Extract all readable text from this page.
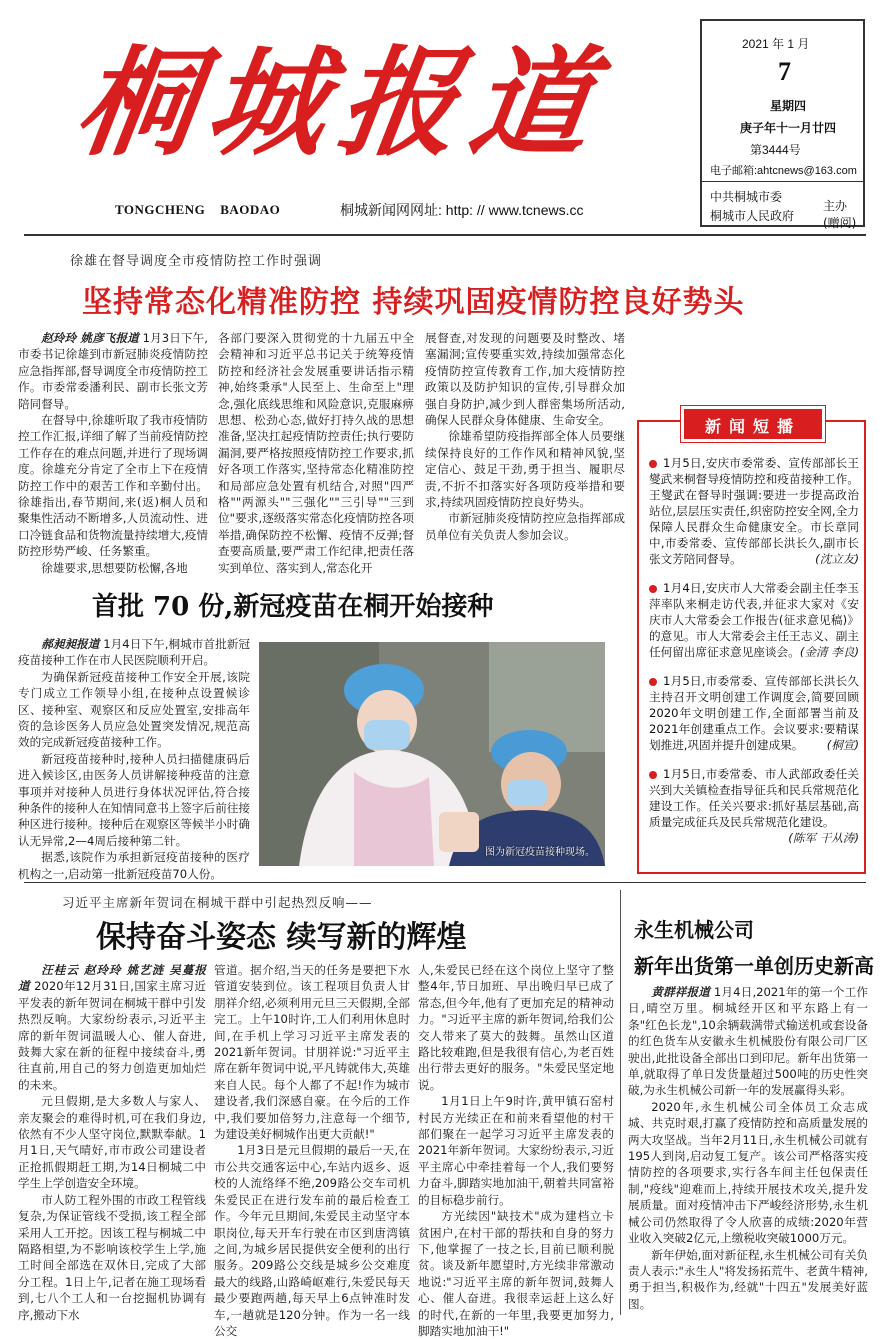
桐
城
报
道
TONGCHENG    BAODAO	桐城新闻网网址: http: // www.tcnews.cc
2021 年 1 月
7
星期四
庚子年十一月廿四
第3444号
电子邮箱:ahtcnews@163.com
中共桐城市委
桐城市人民政府
主办(赠阅)
徐雄在督导调度全市疫情防控工作时强调
坚持常态化精准防控 持续巩固疫情防控良好势头

赵玲玲 姚彦飞报道 1月3日下午,市委书记徐雄到市新冠肺炎疫情防控应急指挥部,督导调度全市疫情防控工作。市委常委潘利民、副市长张文芳陪同督导。

在督导中,徐雄听取了我市疫情防控工作汇报,详细了解了当前疫情防控工作存在的难点问题,并进行了现场调度。徐雄充分肯定了全市上下在疫情防控工作中的艰苦工作和辛勤付出。徐雄指出,春节期间,来(返)桐人员和聚集性活动不断增多,人员流动性、进口冷链食品和货物流量持续增大,疫情防控形势严峻、任务繁重。

徐雄要求,思想要防松懈,各地

各部门要深入贯彻党的十九届五中全会精神和习近平总书记关于统筹疫情防控和经济社会发展重要讲话指示精神,始终秉承"人民至上、生命至上"理念,强化底线思维和风险意识,克服麻痹思想、松劲心态,做好打持久战的思想准备,坚决扛起疫情防控责任;执行要防漏洞,要严格按照疫情防控工作要求,抓好各项工作落实,坚持常态化精准防控和局部应急处置有机结合,对照"四严格""两源头""三强化""三引导""三到位"要求,逐级落实常态化疫情防控各项举措,确保防控不松懈、疫情不反弹;督查要高质量,要严肃工作纪律,把责任落实到单位、落实到人,常态化开

展督查,对发现的问题要及时整改、堵塞漏洞;宣传要重实效,持续加强常态化疫情防控宣传教育工作,加大疫情防控政策以及防护知识的宣传,引导群众加强自身防护,减少到人群密集场所活动,确保人民群众身体健康、生命安全。

徐雄希望防疫指挥部全体人员要继续保持良好的工作作风和精神风貌,坚定信心、鼓足干劲,勇于担当、履职尽责,不折不扣落实好各项防疫举措和要求,持续巩固疫情防控良好势头。

市新冠肺炎疫情防控应急指挥部成员单位有关负责人参加会议。

新闻短播
1月5日,安庆市委常委、宣传部部长王燮武来桐督导疫情防控和疫苗接种工作。王燮武在督导时强调:要进一步提高政治站位,层层压实责任,织密防控安全网,全力保障人民群众生命健康安全。市长章同中,市委常委、宣传部部长洪长久,副市长张文芳陪同督导。	(沈立友)
1月4日,安庆市人大常委会副主任李玉萍率队来桐走访代表,并征求大家对《安庆市人大常委会工作报告(征求意见稿)》的意见。市人大常委会主任王志义、副主任何留出席征求意见座谈会。 (金清 李良)
1月5日,市委常委、宣传部部长洪长久主持召开文明创建工作调度会,简要回顾2020年文明创建工作,全面部署当前及2021年创建重点工作。会议要求:要精谋划推进,巩固并提升创建成果。 (桐宣)
1月5日,市委常委、市人武部政委任关兴到大关镇检查指导征兵和民兵常规范化建设工作。任关兴要求:抓好基层基础,高质量完成征兵及民兵常规范化建设。
(陈军 干从涛)
首批 70 份,新冠疫苗在桐开始接种

郝昶昶报道 1月4日下午,桐城市首批新冠疫苗接种工作在市人民医院顺利开启。

为确保新冠疫苗接种工作安全开展,该院专门成立工作领导小组,在接种点设置候诊区、接种室、观察区和反应处置室,安排高年资的急诊医务人员应急处置突发情况,规范高效的完成新冠疫苗接种工作。

新冠疫苗接种时,接种人员扫描健康码后进入候诊区,由医务人员讲解接种疫苗的注意事项并对接种人员进行身体状况评估,符合接种条件的接种人在知情同意书上签字后前往接种区进行接种。接种后在观察区等候半小时确认无异常,2—4周后接种第二针。

据悉,该院作为承担新冠疫苗接种的医疗机构之一,启动第一批新冠疫苗70人份。

图为新冠疫苗接种现场。
习近平主席新年贺词在桐城干群中引起热烈反响——
保持奋斗姿态 续写新的辉煌

汪桂云 赵玲玲 姚艺涟 吴蔓报道 2020年12月31日,国家主席习近平发表的新年贺词在桐城干群中引发热烈反响。大家纷纷表示,习近平主席的新年贺词温暖人心、催人奋进,鼓舞大家在新的征程中接续奋斗,勇往直前,用自己的努力创造更加灿烂的未来。

元旦假期,是大多数人与家人、亲友聚会的难得时机,可在我们身边,依然有不少人坚守岗位,默默奉献。1月1日,天气晴好,市市政公司建设者正抢抓假期赶工期,为14日桐城二中学生上学创造安全环境。

市人防工程外围的市政工程管线复杂,为保证管线不受损,该工程全部采用人工开挖。因该工程与桐城二中隔路相望,为不影响该校学生上学,施工时间全部选在双休日,完成了大部分工程。1日上午,记者在施工现场看到,七八个工人和一台挖掘机协调有序,搬动下水

管道。据介绍,当天的任务是要把下水管道安装到位。该工程项目负责人甘朋祥介绍,必须利用元旦三天假期,全部完工。上午10时许,工人们利用休息时间,在手机上学习习近平主席发表的2021新年贺词。甘朋祥说:"习近平主席在新年贺词中说,平凡铸就伟大,英雄来自人民。每个人都了不起!作为城市建设者,我们深感自豪。在今后的工作中,我们要加倍努力,注意每一个细节,为建设美好桐城作出更大贡献!"

1月3日是元旦假期的最后一天,在市公共交通客运中心,车站内返乡、返校的人流络绎不绝,209路公交车司机朱爱民正在进行发车前的最后检查工作。今年元旦期间,朱爱民主动坚守本职岗位,每天开车行驶在市区到唐湾镇之间,为城乡居民提供安全便利的出行服务。209路公交线是城乡公交难度最大的线路,山路崎岖难行,朱爱民每天最少要跑两趟,每天早上6点钟准时发车,一趟就是120分钟。作为一名一线公交

人,朱爱民已经在这个岗位上坚守了整整4年,节日加班、早出晚归早已成了常态,但今年,他有了更加充足的精神动力。"习近平主席的新年贺词,给我们公交人带来了莫大的鼓舞。虽然山区道路比较难跑,但是我很有信心,为老百姓出行带去更好的服务。"朱爱民坚定地说。

1月1日上午9时许,黄甲镇石窑村村民方光续正在和前来看望他的村干部们聚在一起学习习近平主席发表的2021年新年贺词。大家纷纷表示,习近平主席心中牵挂着每一个人,我们要努力奋斗,脚踏实地加油干,朝着共同富裕的目标稳步前行。

方光续因"缺技术"成为建档立卡贫困户,在村干部的帮扶和自身的努力下,他掌握了一技之长,目前已顺利脱贫。谈及新年愿望时,方光续非常激动地说:"习近平主席的新年贺词,鼓舞人心、催人奋进。我很幸运赶上这么好的时代,在新的一年里,我要更加努力,脚踏实地加油干!"

永生机械公司
新年出货第一单创历史新高

黄群祥报道 1月4日,2021年的第一个工作日,晴空万里。桐城经开区和平东路上有一条"红色长龙",10余辆载满带式输送机或套设备的红色货车从安徽永生机械股份有限公司厂区驶出,此批设备全部出口到印尼。新年出货第一单,就取得了单日发货量超过500吨的历史性突破,为永生机械公司新一年的发展赢得头彩。

2020年,永生机械公司全体员工众志成城、共克时艰,打赢了疫情防控和高质量发展的两大攻坚战。当年2月11日,永生机械公司就有195人到岗,启动复工复产。该公司严格落实疫情防控的各项要求,实行各车间主任包保责任制,"疫线"迎难而上,持续开展技术攻关,提升发展质量。面对疫情冲击下严峻经济形势,永生机械公司仍然取得了令人欣喜的成绩:2020年营业收入突破2亿元,上缴税收突破1000万元。

新年伊始,面对新征程,永生机械公司有关负责人表示:"永生人"将发扬拓荒牛、老黄牛精神,勇于担当,积极作为,经就"十四五"发展美好蓝图。
